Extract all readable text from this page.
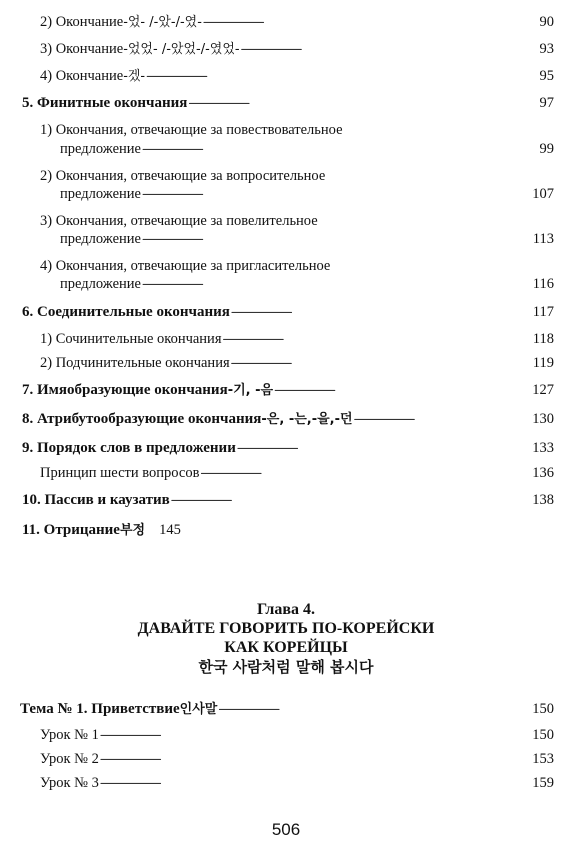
2) Окончание -었- /-았-/-였- . . .	90
3) Окончание -었었- /-았었-/-였었- . . .	93
4) Окончание -겠- . . .	95
5. Финитные окончания . . .	97
1) Окончания, отвечающие за повествовательное
предложение . . .	99
2) Окончания, отвечающие за вопросительное
предложение . . .	107
3) Окончания, отвечающие за повелительное
предложение . . .	113
4) Окончания, отвечающие за пригласительное
предложение . . .	116
6. Соединительные окончания . . .	117
1) Сочинительные окончания . . .	118
2) Подчинительные окончания . . .	119
7. Имяобразующие окончания -기, -음 . . .	127
8. Атрибутообразующие окончания -은, -는,-을,-던 . . .	130
9. Порядок слов в предложении . . .	133
Принцип шести вопросов . . .	136
10. Пассив и каузатив . . .	138
11. Отрицание 부정 145
Глава 4.
ДАВАЙТЕ ГОВОРИТЬ ПО-КОРЕЙСКИ
КАК КОРЕЙЦЫ
한국 사람처럼 말해 봅시다
Тема № 1. Приветствие 인사말 . . .	150
Урок № 1 . . .	150
Урок № 2 . . .	153
Урок № 3 . . .	159
506
